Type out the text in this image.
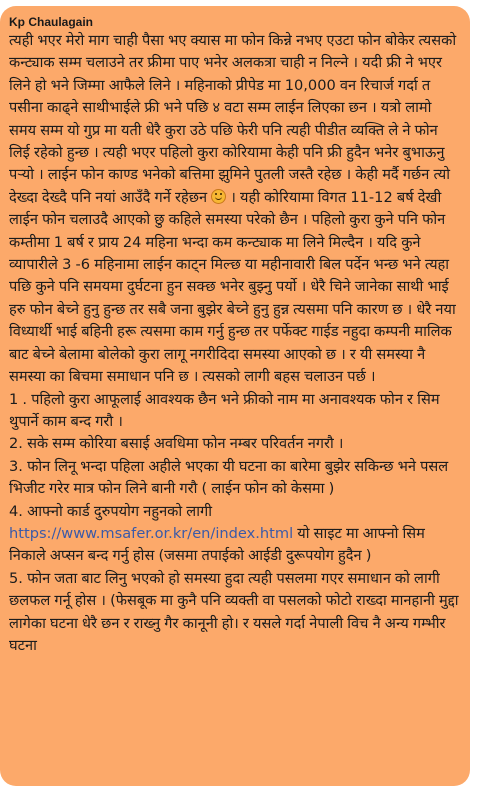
Kp Chaulagain

त्यही भएर मेरो माग चाही पैसा भए क्यास मा फोन किन्ने नभए एउटा फोन बोकेर त्यसको कन्ट्याक सम्म चलाउने तर फ्रीमा पाए भनेर अलकत्रा चाही न निल्ने । यदी फ्री ने भएर लिने हो भने जिम्मा आफैले लिने । महिनाको प्रीपेड मा 10,000 वन रिचार्ज गर्दा त पसीना काढ्ने साथीभाईले फ्री भने पछि ४ वटा सम्म लाईन लिएका छन । यत्रो लामो समय सम्म यो गुप्र मा यती धेरै कुरा उठे पछि फेरी पनि त्यही पीडीत व्यक्ति ले ने फोन लिई रहेको हुन्छ । त्यही भएर पहिलो कुरा कोरियामा केही पनि फ्री हुदैन भनेर बुभाऊनु पर्‍यो । लाईन फोन काण्ड भनेको बत्तिमा झुमिने पुतली जस्तै रहेछ । केही मर्दै गर्छन त्यो देख्दा देख्दै पनि नयां आउँदै गर्ने रहेछन  । यही कोरियामा विगत 11-12 बर्ष देखी लाईन फोन चलाउदै आएको छु कहिले समस्या परेको छैन । पहिलो कुरा कुने पनि फोन कम्तीमा 1 बर्ष र प्राय 24 महिना भन्दा कम कन्ट्याक मा लिने मिल्दैन । यदि कुने व्यापारीले 3 -6 महिनामा लाईन काट्न मिल्छ या महीनावारी बिल पर्देन भन्छ भने त्यहा पछि कुने पनि समयमा दुर्घटना हुन सक्छ भनेर बुझ्नु पर्यो । धेरै चिने जानेका साथी भाई हरु फोन बेच्ने हुनु हुन्छ तर सबै जना बुझेर बेच्ने हुनु हुन्न त्यसमा पनि कारण छ । धेरै नया विध्यार्थी भाई बहिनी हरू त्यसमा काम गर्नु हुन्छ तर पर्फेक्ट गाईड नहुदा कम्पनी मालिक बाट बेच्ने बेलामा बोलेको कुरा लागू नगरीदिदा समस्या आएको छ । र यी समस्या नै समस्या का बिचमा समाधान पनि छ । त्यसको लागी बहस चलाउन पर्छ ।

1 . पहिलो कुरा आफूलाई आवश्यक छैन भने फ्रीको नाम मा अनावश्यक फोन र सिम थुपार्ने काम बन्द गरौ ।

2. सके सम्म कोरिया बसाई अवधिमा फोन नम्बर परिवर्तन नगरौ ।

3. फोन लिनू भन्दा पहिला अहीले भएका यी घटना का बारेमा बुझेर सकिन्छ भने पसल भिजीट गरेर मात्र फोन लिने बानी गरौ ( लाईन फोन को केसमा )

4. आफ्नो कार्ड दुरुपयोग नहुनको लागी

https://www.msafer.or.kr/en/index.html यो साइट मा आफ्नो सिम निकाले अप्सन बन्द गर्नु होस (जसमा तपाईको आईडी दुरूपयोग हुदैन )

5. फोन जता बाट लिनु भएको हो समस्या हुदा त्यही पसलमा गएर समाधान को लागी छलफल गर्नू होस । (फेसबूक मा कुनै पनि व्यक्ती वा पसलको फोटो राख्दा मानहानी मुद्दा लागेका घटना धेरै छन र राख्नु गैर कानूनी हो। र यसले गर्दा नेपाली विच नै अन्य गम्भीर घटना
